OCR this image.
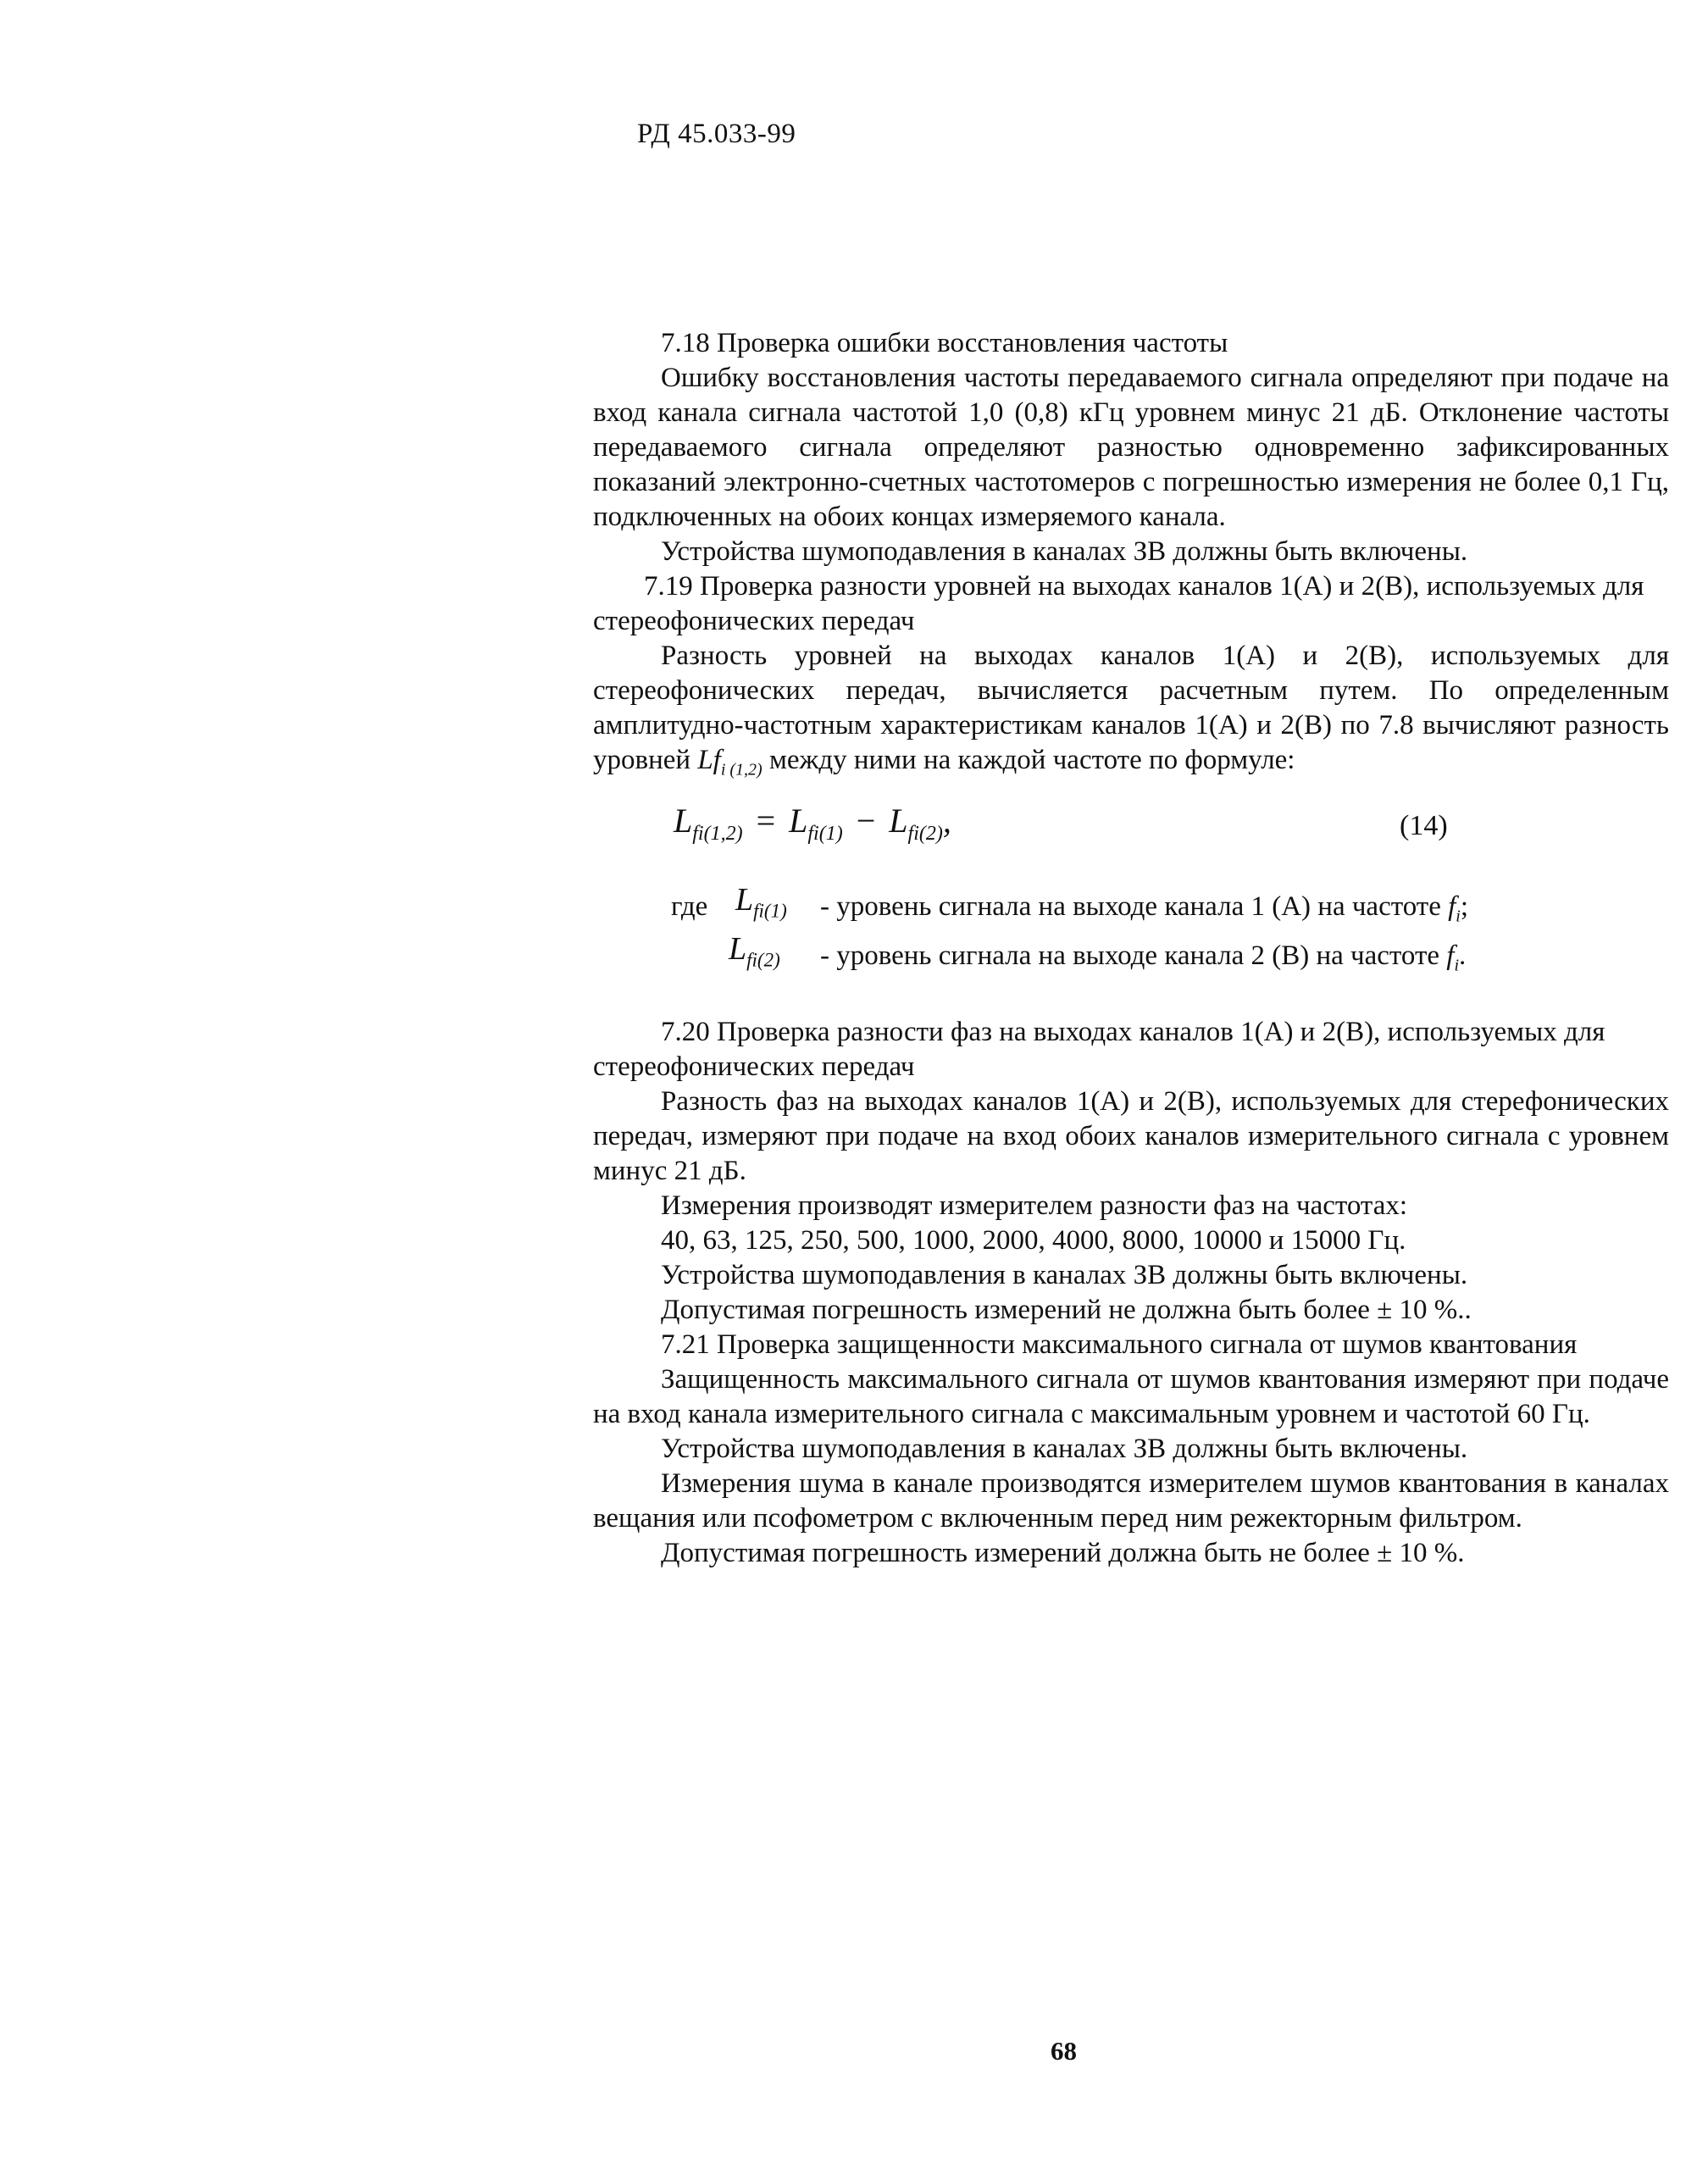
РД 45.033-99

7.18 Проверка ошибки восстановления частоты

Ошибку восстановления частоты передаваемого сигнала определяют при подаче на вход канала сигнала частотой 1,0 (0,8) кГц уровнем минус 21 дБ. Отклонение частоты передаваемого сигнала определяют разностью одновременно зафиксированных показаний электронно-счетных частотомеров с погрешностью измерения не более 0,1 Гц, подключенных на обоих концах измеряемого канала.

Устройства шумоподавления в каналах ЗВ должны быть включены.

7.19 Проверка разности уровней на выходах каналов 1(А) и 2(В), используемых для стереофонических передач

Разность уровней на выходах каналов 1(А) и 2(В), используемых для стереофонических передач, вычисляется расчетным путем. По определенным амплитудно-частотным характеристикам каналов 1(А) и 2(В) по 7.8 вычисляют разность уровней $Lf_{i (1,2)}$ между ними на каждой частоте по формуле:

$L_{fi(1,2)} = L_{fi(1)} - L_{fi(2)}$,	(14)
где $L_{fi(1)}$ - уровень сигнала на выходе канала 1 (А) на частоте $f_i$;
$L_{fi(2)}$ - уровень сигнала на выходе канала 2 (В) на частоте $f_i$.

7.20 Проверка разности фаз на выходах каналов 1(А) и 2(В), используемых для стереофонических передач

Разность фаз на выходах каналов 1(А) и 2(В), используемых для стерефонических передач, измеряют при подаче на вход обоих каналов измерительного сигнала с уровнем минус 21 дБ.

Измерения производят измерителем разности фаз на частотах:

40, 63, 125, 250, 500, 1000, 2000, 4000, 8000, 10000 и 15000 Гц.

Устройства шумоподавления в каналах ЗВ должны быть включены.

Допустимая погрешность измерений не должна быть более ± 10 %..

7.21 Проверка защищенности максимального сигнала от шумов квантования

Защищенность максимального сигнала от шумов квантования измеряют при подаче на вход канала измерительного сигнала с максимальным уровнем и частотой 60 Гц.

Устройства шумоподавления в каналах ЗВ должны быть включены.

Измерения шума в канале производятся измерителем шумов квантования в каналах вещания или псофометром с включенным перед ним режекторным фильтром.

Допустимая погрешность измерений должна быть не более ± 10 %.

68
